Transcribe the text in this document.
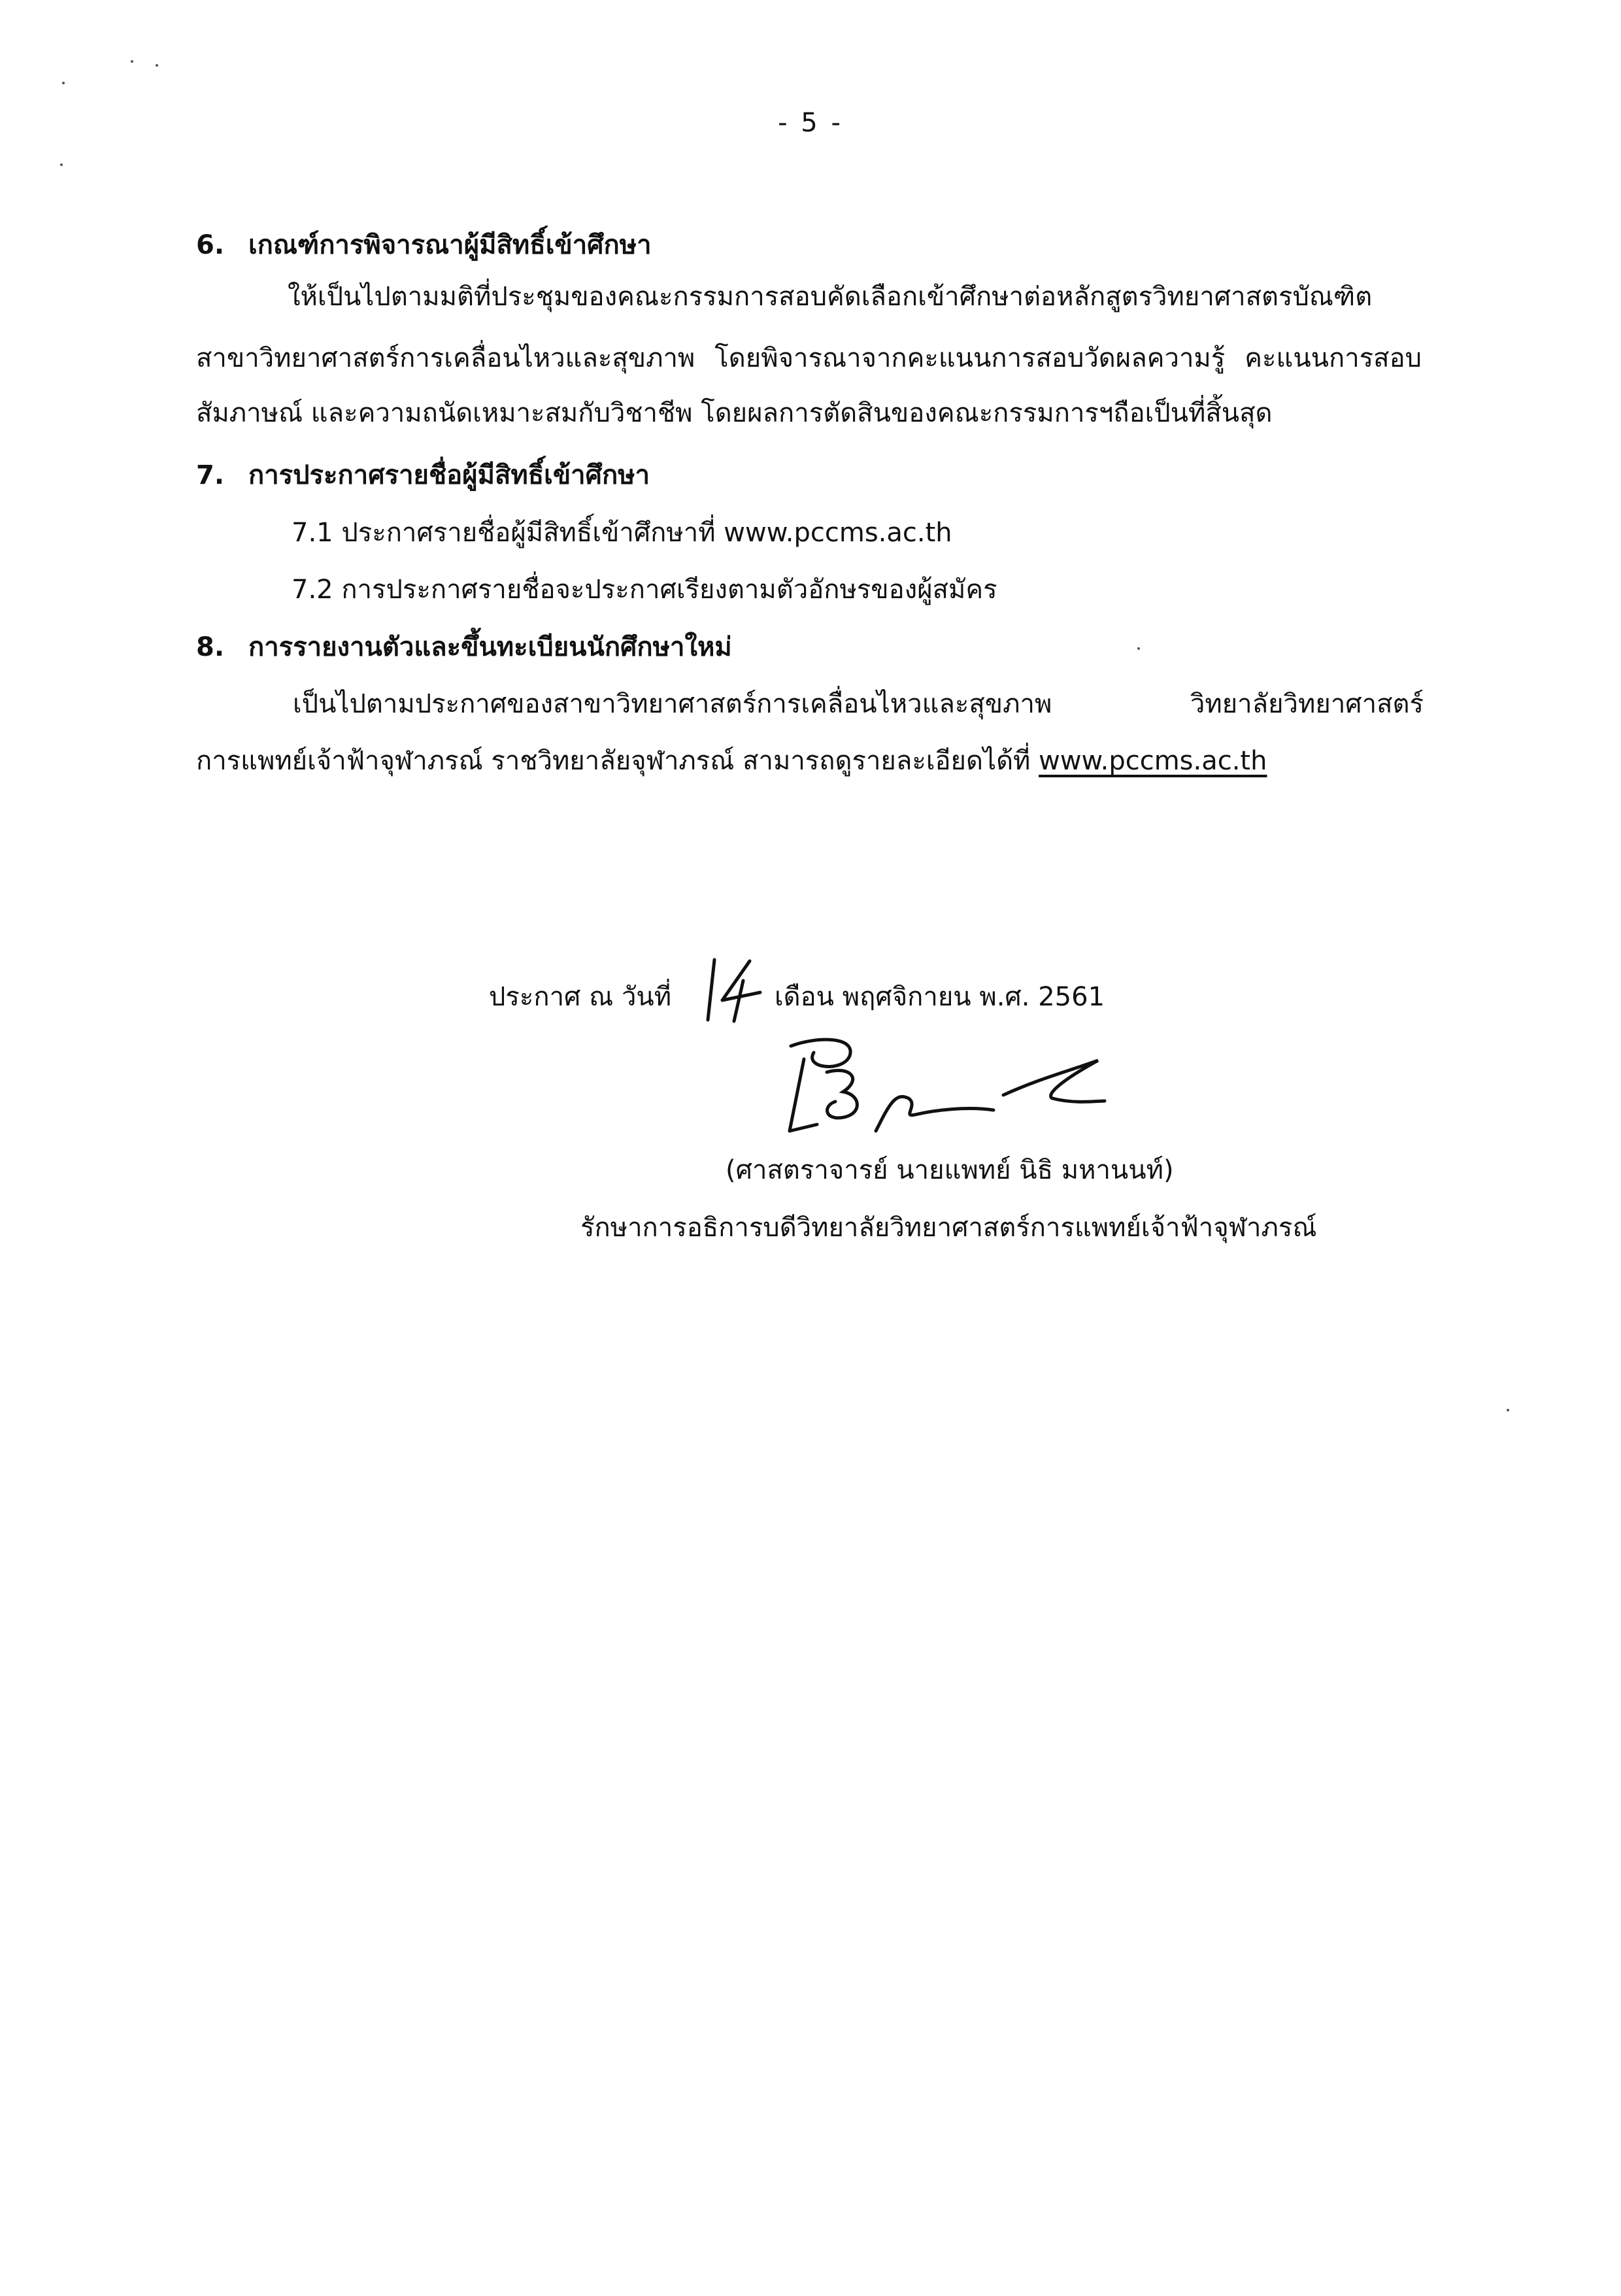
- 5 -
6. เกณฑ์การพิจารณาผู้มีสิทธิ์เข้าศึกษา
ให้เป็นไปตามมติที่ประชุมของคณะกรรมการสอบคัดเลือกเข้าศึกษาต่อหลักสูตรวิทยาศาสตรบัณฑิต
สาขาวิทยาศาสตร์การเคลื่อนไหวและสุขภาพ โดยพิจารณาจากคะแนนการสอบวัดผลความรู้ คะแนนการสอบ
สัมภาษณ์ และความถนัดเหมาะสมกับวิชาชีพ โดยผลการตัดสินของคณะกรรมการฯถือเป็นที่สิ้นสุด
7. การประกาศรายชื่อผู้มีสิทธิ์เข้าศึกษา
7.1 ประกาศรายชื่อผู้มีสิทธิ์เข้าศึกษาที่ www.pccms.ac.th
7.2 การประกาศรายชื่อจะประกาศเรียงตามตัวอักษรของผู้สมัคร
8. การรายงานตัวและขึ้นทะเบียนนักศึกษาใหม่
เป็นไปตามประกาศของสาขาวิทยาศาสตร์การเคลื่อนไหวและสุขภาพ วิทยาลัยวิทยาศาสตร์
การแพทย์เจ้าฟ้าจุฬาภรณ์ ราชวิทยาลัยจุฬาภรณ์ สามารถดูรายละเอียดได้ที่ www.pccms.ac.th
ประกาศ ณ วันที่	เดือน พฤศจิกายน พ.ศ. 2561
(ศาสตราจารย์ นายแพทย์ นิธิ มหานนท์)
รักษาการอธิการบดีวิทยาลัยวิทยาศาสตร์การแพทย์เจ้าฟ้าจุฬาภรณ์
